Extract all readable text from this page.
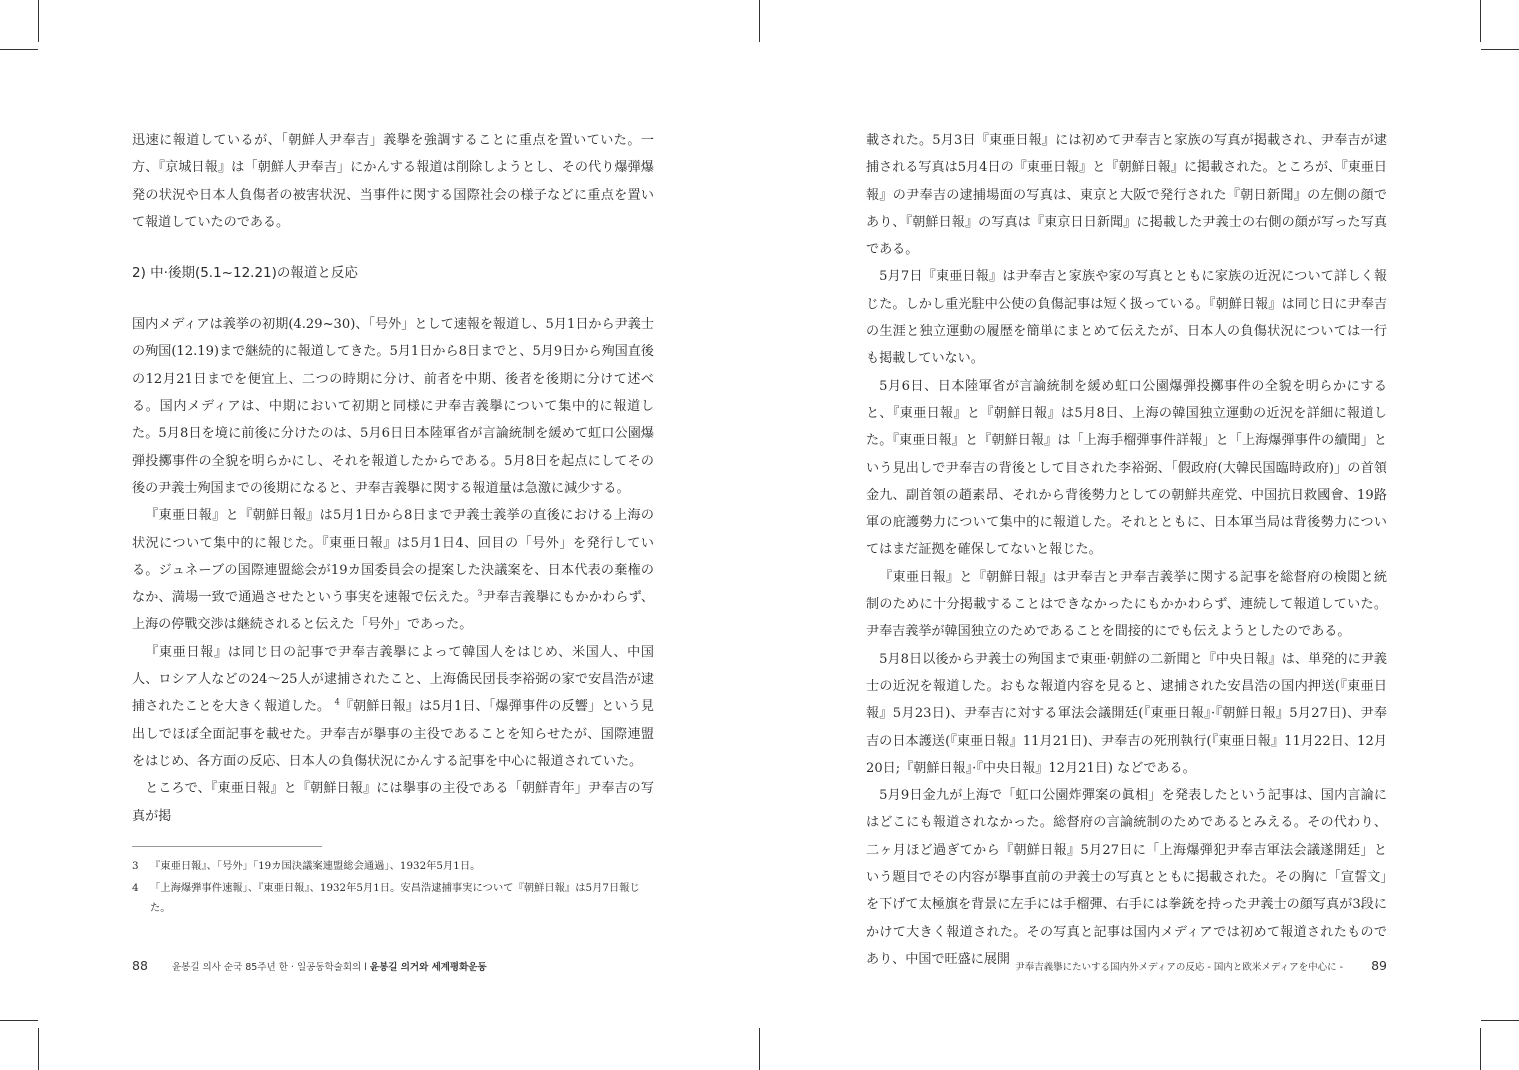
迅速に報道しているが、「朝鮮人尹奉吉」義擧を強調することに重点を置いていた。一方、『京城日報』は「朝鮮人尹奉吉」にかんする報道は削除しようとし、その代り爆弾爆発の状況や日本人負傷者の被害状況、当事件に関する国際社会の様子などに重点を置いて報道していたのである。

2) 中·後期(5.1~12.21)の報道と反応

国内メディアは義挙の初期(4.29~30)、「号外」として速報を報道し、5月1日から尹義士の殉国(12.19)まで継続的に報道してきた。5月1日から8日までと、5月9日から殉国直後の12月21日までを便宜上、二つの時期に分け、前者を中期、後者を後期に分けて述べる。国内メディアは、中期において初期と同様に尹奉吉義擧について集中的に報道した。5月8日を境に前後に分けたのは、5月6日日本陸軍省が言論統制を緩めて虹口公園爆弾投擲事件の全貌を明らかにし、それを報道したからである。5月8日を起点にしてその後の尹義士殉国までの後期になると、尹奉吉義擧に関する報道量は急激に減少する。

『東亜日報』と『朝鮮日報』は5月1日から8日まで尹義士義挙の直後における上海の状況について集中的に報じた。『東亜日報』は5月1日4、回目の「号外」を発行している。ジュネーブの国際連盟総会が19カ国委員会の提案した決議案を、日本代表の棄権のなか、満場一致で通過させたという事実を速報で伝えた。$^3$尹奉吉義擧にもかかわらず、上海の停戰交渉は継続されると伝えた「号外」であった。

『東亜日報』は同じ日の記事で尹奉吉義擧によって韓国人をはじめ、米国人、中国人、ロシア人などの24～25人が逮捕されたこと、上海僑民団長李裕弼の家で安昌浩が逮捕されたことを大きく報道した。 $^4$『朝鮮日報』は5月1日、「爆弾事件の反響」という見出しでほぼ全面記事を載せた。尹奉吉が擧事の主役であることを知らせたが、国際連盟をはじめ、各方面の反応、日本人の負傷状況にかんする記事を中心に報道されていた。

ところで、『東亜日報』と『朝鮮日報』には擧事の主役である「朝鮮青年」尹奉吉の写真が掲

3	『東亜日報』、「号外」「19カ国決議案連盟総会通過」、1932年5月1日。
4	「上海爆弾事件速報」、『東亜日報』、1932年5月1日。安昌浩逮捕事実について『朝鮮日報』は5月7日報じた。
88	윤봉길 의사 순국 85주년 한 · 일공동학술회의 l 윤봉길 의거와 세계평화운동

載された。5月3日『東亜日報』には初めて尹奉吉と家族の写真が掲載され、尹奉吉が逮捕される写真は5月4日の『東亜日報』と『朝鮮日報』に掲載された。ところが、『東亜日報』の尹奉吉の逮捕場面の写真は、東京と大阪で発行された『朝日新聞』の左側の顔であり、『朝鮮日報』の写真は『東京日日新聞』に掲載した尹義士の右側の顔が写った写真である。

5月7日『東亜日報』は尹奉吉と家族や家の写真とともに家族の近況について詳しく報じた。しかし重光駐中公使の負傷記事は短く扱っている。『朝鮮日報』は同じ日に尹奉吉の生涯と独立運動の履歴を簡単にまとめて伝えたが、日本人の負傷状況については一行も掲載していない。

5月6日、日本陸軍省が言論統制を緩め虹口公園爆弾投擲事件の全貌を明らかにすると、『東亜日報』と『朝鮮日報』は5月8日、上海の韓国独立運動の近況を詳細に報道した。『東亜日報』と『朝鮮日報』は「上海手榴弾事件詳報」と「上海爆弾事件の續聞」という見出しで尹奉吉の背後として目された李裕弼、「假政府(大韓民国臨時政府)」の首領金九、副首領の趙素昂、それから背後勢力としての朝鮮共産党、中国抗日救國會、19路軍の庇護勢力について集中的に報道した。それとともに、日本軍当局は背後勢力についてはまだ証拠を確保してないと報じた。

『東亜日報』と『朝鮮日報』は尹奉吉と尹奉吉義挙に関する記事を総督府の検閲と統制のために十分掲載することはできなかったにもかかわらず、連続して報道していた。尹奉吉義挙が韓国独立のためであることを間接的にでも伝えようとしたのである。

5月8日以後から尹義士の殉国まで東亜·朝鮮の二新聞と『中央日報』は、単発的に尹義士の近況を報道した。おもな報道内容を見ると、逮捕された安昌浩の国内押送(『東亜日報』5月23日)、尹奉吉に対する軍法会議開廷(『東亜日報』·『朝鮮日報』5月27日)、尹奉吉の日本護送(『東亜日報』11月21日)、尹奉吉の死刑執行(『東亜日報』11月22日、12月20日;『朝鮮日報』·『中央日報』12月21日) などである。

5月9日金九が上海で「虹口公園炸彈案の眞相」を発表したという記事は、国内言論にはどこにも報道されなかった。総督府の言論統制のためであるとみえる。その代わり、二ヶ月ほど過ぎてから『朝鮮日報』5月27日に「上海爆弾犯尹奉吉軍法会議遂開廷」という題目でその内容が擧事直前の尹義士の写真とともに掲載された。その胸に「宣誓文」を下げて太極旗を背景に左手には手榴彈、右手には拳銃を持った尹義士の顔写真が3段にかけて大きく報道された。その写真と記事は国内メディアでは初めて報道されたものであり、中国で旺盛に展開

尹奉吉義擧にたいする国内外メディアの反応 - 国内と欧米メディアを中心に - 89
